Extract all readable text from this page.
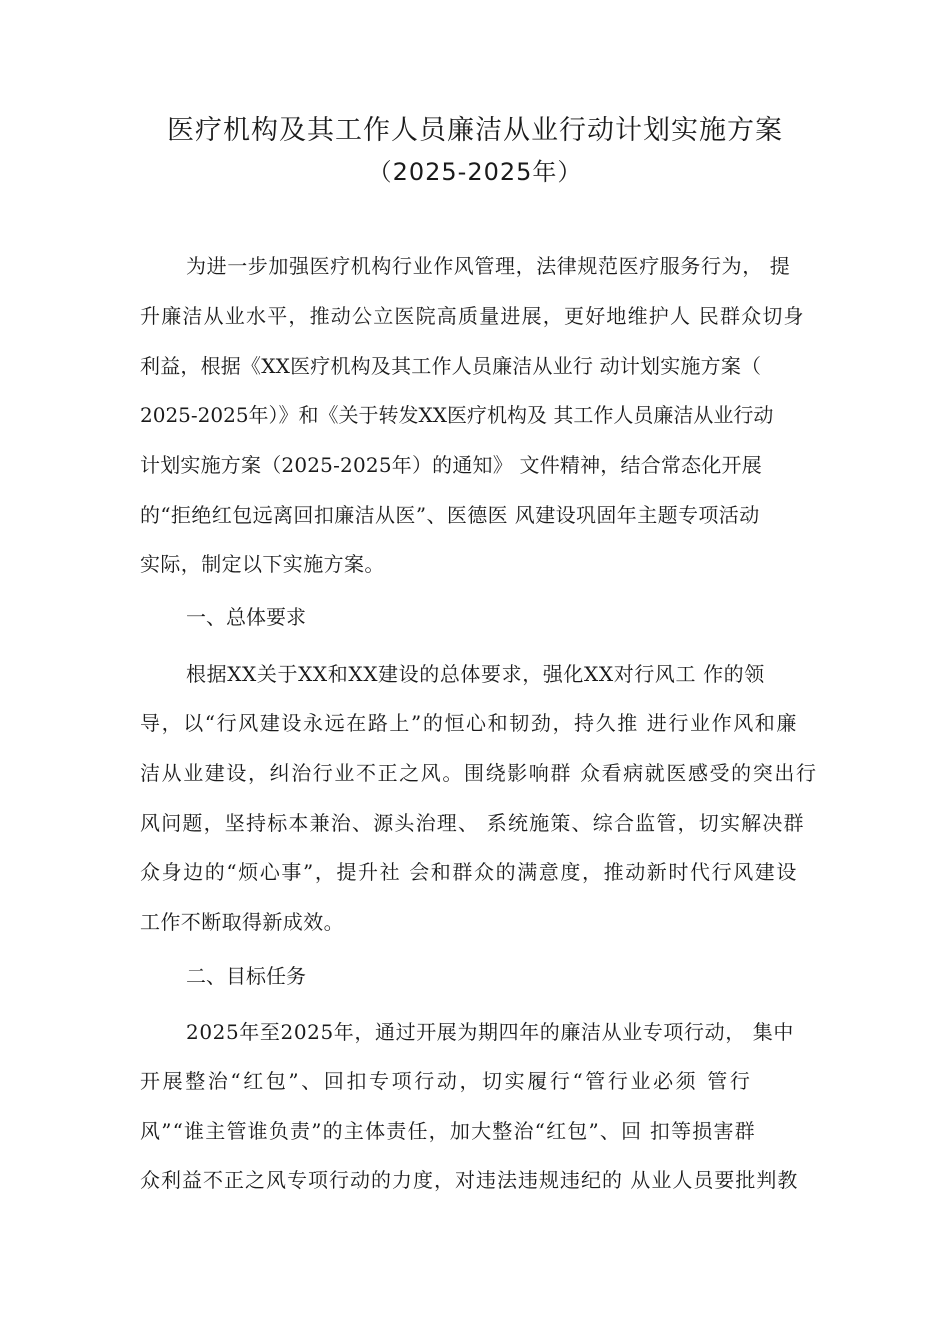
医疗机构及其工作人员廉洁从业行动计划实施方案
（2025-2025年）
为进一步加强医疗机构行业作风管理，法律规范医疗服务行为， 提
升廉洁从业水平，推动公立医院高质量进展，更好地维护人 民群众切身
利益，根据《XX医疗机构及其工作人员廉洁从业行 动计划实施方案（
2025-2025年）》和《关于转发XX医疗机构及 其工作人员廉洁从业行动
计划实施方案（2025-2025年）的通知》 文件精神，结合常态化开展
的“拒绝红包远离回扣廉洁从医”、医德医 风建设巩固年主题专项活动
实际，制定以下实施方案。
一、总体要求
根据XX关于XX和XX建设的总体要求，强化XX对行风工 作的领
导，以“行风建设永远在路上”的恒心和韧劲，持久推 进行业作风和廉
洁从业建设，纠治行业不正之风。围绕影响群 众看病就医感受的突出行
风问题，坚持标本兼治、源头治理、 系统施策、综合监管，切实解决群
众身边的“烦心事”，提升社 会和群众的满意度，推动新时代行风建设
工作不断取得新成效。
二、目标任务
2025年至2025年，通过开展为期四年的廉洁从业专项行动， 集中
开展整治“红包”、回扣专项行动，切实履行“管行业必须 管行
风”“谁主管谁负责”的主体责任，加大整治“红包”、回 扣等损害群
众利益不正之风专项行动的力度，对违法违规违纪的 从业人员要批判教
